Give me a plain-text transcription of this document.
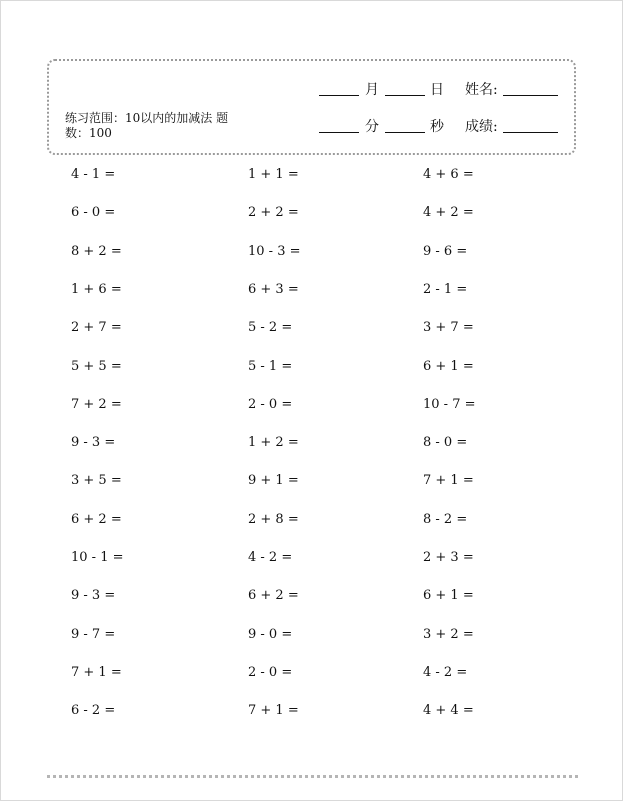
练习范围：10以内的加减法 题数：100
月	日 姓名:
分	秒 成绩:
4 - 1 =	1 + 1 =	4 + 6 =
6 - 0 =	2 + 2 =	4 + 2 =
8 + 2 =	10 - 3 =	9 - 6 =
1 + 6 =	6 + 3 =	2 - 1 =
2 + 7 =	5 - 2 =	3 + 7 =
5 + 5 =	5 - 1 =	6 + 1 =
7 + 2 =	2 - 0 =	10 - 7 =
9 - 3 =	1 + 2 =	8 - 0 =
3 + 5 =	9 + 1 =	7 + 1 =
6 + 2 =	2 + 8 =	8 - 2 =
10 - 1 =	4 - 2 =	2 + 3 =
9 - 3 =	6 + 2 =	6 + 1 =
9 - 7 =	9 - 0 =	3 + 2 =
7 + 1 =	2 - 0 =	4 - 2 =
6 - 2 =	7 + 1 =	4 + 4 =
